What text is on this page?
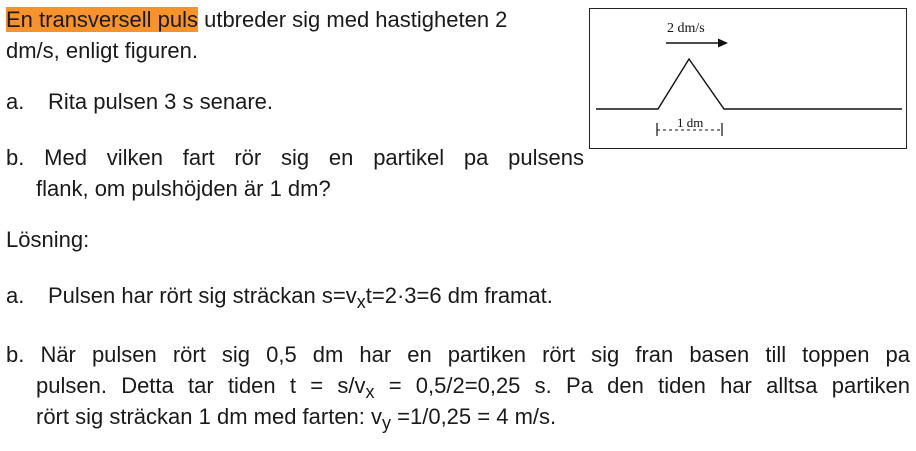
En transversell puls utbreder sig med hastigheten 2
dm/s, enligt figuren.
a. Rita pulsen 3 s senare.
b. Med vilken fart rör sig en partikel pa pulsens
flank, om pulshöjden är 1 dm?
Lösning:
a. Pulsen har rört sig sträckan $s=v_xt=2\cdot 3=6$ dm framat.
b. När pulsen rört sig 0,5 dm har en partiken rört sig fran basen till toppen pa
pulsen. Detta tar tiden $t = s/v_x = 0,5/2=0,25$ s. Pa den tiden har alltsa partiken
rört sig sträckan 1 dm med farten: $v_y =1/0,25 = 4$ m/s.
2 dm/s
1 dm
